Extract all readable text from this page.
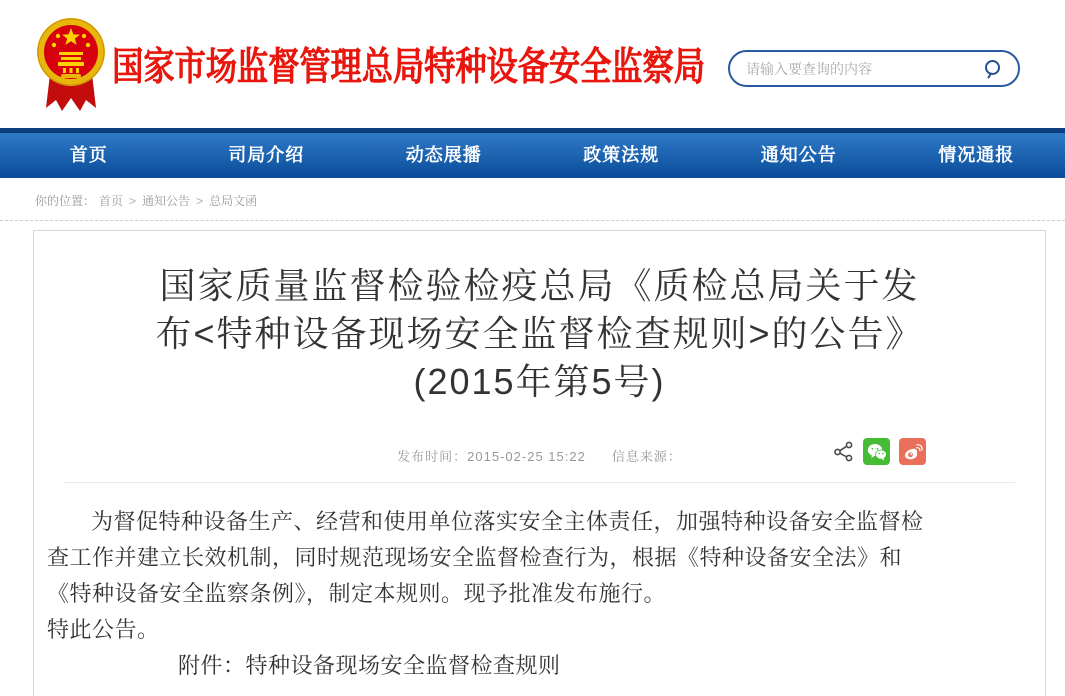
国家市场监督管理总局特种设备安全监察局
请输入要查询的内容
首页	司局介绍	动态展播	政策法规	通知公告	情况通报
你的位置： 首页 > 通知公告 > 总局文函
国家质量监督检验检疫总局《质检总局关于发
布<特种设备现场安全监督检查规则>的公告》
(2015年第5号)
发布时间：2015-02-25 15:22 信息来源：
为督促特种设备生产、经营和使用单位落实安全主体责任，加强特种设备安全监督检
查工作并建立长效机制，同时规范现场安全监督检查行为，根据《特种设备安全法》和
《特种设备安全监察条例》，制定本规则。现予批准发布施行。
特此公告。
附件：特种设备现场安全监督检查规则
